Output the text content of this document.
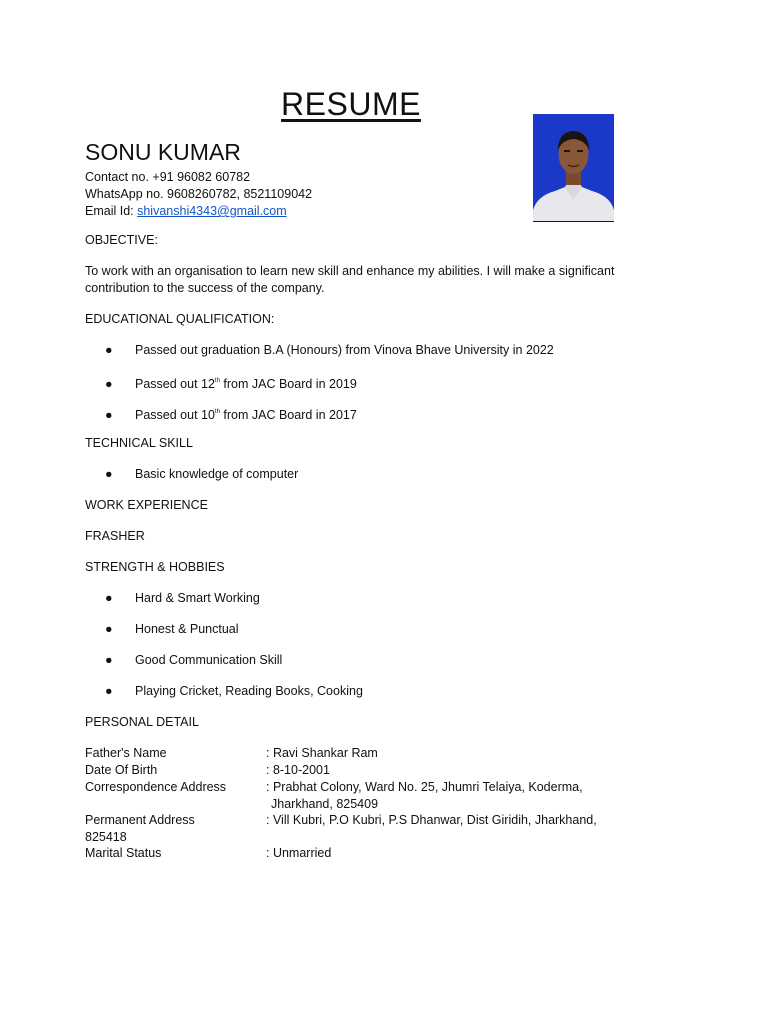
RESUME
SONU KUMAR
Contact no. +91 96082 60782
WhatsApp no. 9608260782, 8521109042
Email Id: shivanshi4343@gmail.com
OBJECTIVE:
To work with an organisation to learn new skill and enhance my abilities. I will make a significant contribution to the success of the company.
EDUCATIONAL QUALIFICATION:
● Passed out graduation B.A (Honours) from Vinova Bhave University in 2022
● Passed out 12th from JAC Board in 2019
● Passed out 10th from JAC Board in 2017
TECHNICAL SKILL
● Basic knowledge of computer
WORK EXPERIENCE
FRASHER
STRENGTH & HOBBIES
● Hard & Smart Working
● Honest & Punctual
● Good Communication Skill
● Playing Cricket, Reading Books, Cooking
PERSONAL DETAIL
Father's Name	: Ravi Shankar Ram
Date Of Birth	: 8-10-2001
Correspondence Address	: Prabhat Colony, Ward No. 25, Jhumri Telaiya, Koderma,
Jharkhand, 825409
Permanent Address	: Vill Kubri, P.O Kubri, P.S Dhanwar, Dist Giridih, Jharkhand,
825418
Marital Status	: Unmarried
